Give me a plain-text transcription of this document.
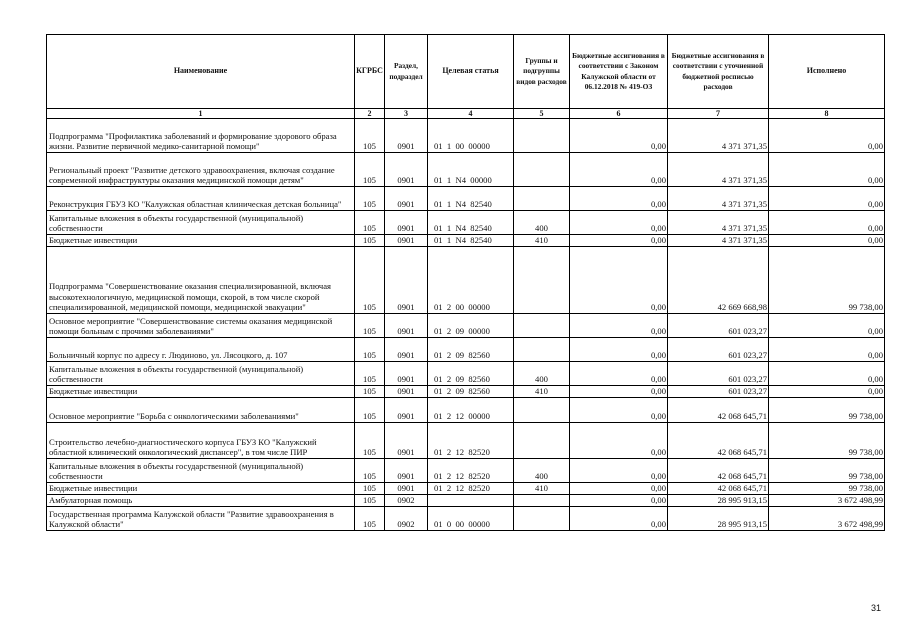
Наименование	КГРБС	Раздел, подраздел	Целевая статья	Группы и подгруппы видов расходов	Бюджетные ассигнования в соответствии с Законом Калужской области от 06.12.2018 № 419-ОЗ	Бюджетные ассигнования в соответствии с уточненной бюджетной росписью расходов	Исполнено
1	2	3	4	5	6	7	8
Подпрограмма "Профилактика заболеваний и формирование здорового образа жизни. Развитие первичной медико-санитарной помощи"	105	0901	01  1  00  00000		0,00	4 371 371,35	0,00
Региональный проект "Развитие детского здравоохранения, включая создание современной инфраструктуры оказания медицинской помощи детям"	105	0901	01  1  N4  00000		0,00	4 371 371,35	0,00
Реконструкция ГБУЗ КО "Калужская областная клиническая детская больница"	105	0901	01  1  N4  82540		0,00	4 371 371,35	0,00
Капитальные вложения в объекты государственной (муниципальной) собственности	105	0901	01  1  N4  82540	400	0,00	4 371 371,35	0,00
Бюджетные инвестиции	105	0901	01  1  N4  82540	410	0,00	4 371 371,35	0,00
Подпрограмма "Совершенствование оказания специализированной, включая высокотехнологичную, медицинской помощи, скорой, в том числе скорой специализированной, медицинской помощи, медицинской эвакуации"	105	0901	01  2  00  00000		0,00	42 669 668,98	99 738,00
Основное мероприятие "Совершенствование системы оказания медицинской помощи больным с прочими заболеваниями"	105	0901	01  2  09  00000		0,00	601 023,27	0,00
Больничный корпус по адресу г. Людиново, ул. Лясоцкого, д. 107	105	0901	01  2  09  82560		0,00	601 023,27	0,00
Капитальные вложения в объекты государственной (муниципальной) собственности	105	0901	01  2  09  82560	400	0,00	601 023,27	0,00
Бюджетные инвестиции	105	0901	01  2  09  82560	410	0,00	601 023,27	0,00
Основное мероприятие "Борьба с онкологическими заболеваниями"	105	0901	01  2  12  00000		0,00	42 068 645,71	99 738,00
Строительство лечебно-диагностического корпуса ГБУЗ КО "Калужский областной клинический онкологический диспансер", в том числе ПИР	105	0901	01  2  12  82520		0,00	42 068 645,71	99 738,00
Капитальные вложения в объекты государственной (муниципальной) собственности	105	0901	01  2  12  82520	400	0,00	42 068 645,71	99 738,00
Бюджетные инвестиции	105	0901	01  2  12  82520	410	0,00	42 068 645,71	99 738,00
Амбулаторная помощь	105	0902			0,00	28 995 913,15	3 672 498,99
Государственная программа Калужской области "Развитие здравоохранения в Калужской области"	105	0902	01  0  00  00000		0,00	28 995 913,15	3 672 498,99
31
